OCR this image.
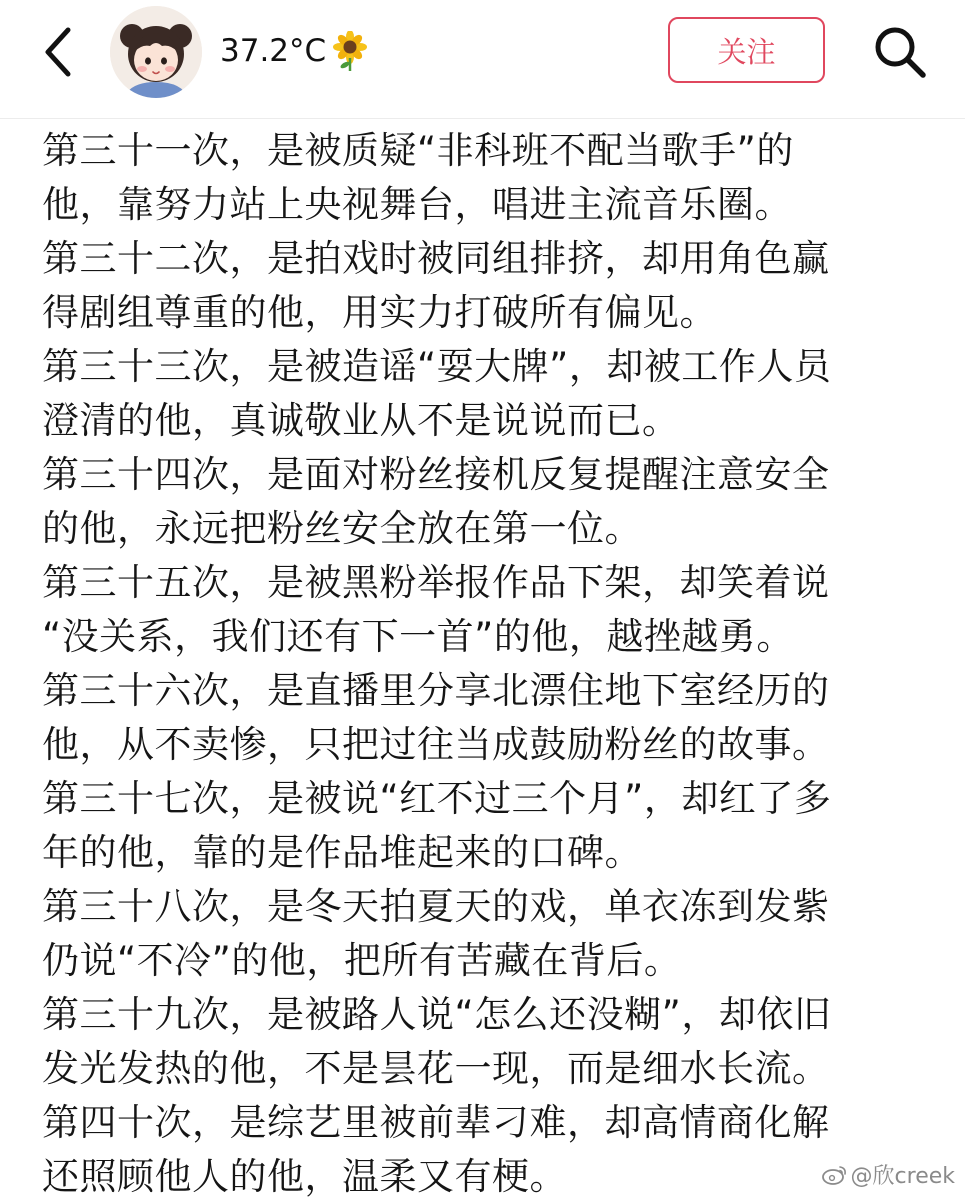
37.2°C	关注
第三十一次，是被质疑“非科班不配当歌手”的
他，靠努力站上央视舞台，唱进主流音乐圈。
第三十二次，是拍戏时被同组排挤，却用角色赢
得剧组尊重的他，用实力打破所有偏见。
第三十三次，是被造谣“耍大牌”，却被工作人员
澄清的他，真诚敬业从不是说说而已。
第三十四次，是面对粉丝接机反复提醒注意安全
的他，永远把粉丝安全放在第一位。
第三十五次，是被黑粉举报作品下架，却笑着说
“没关系，我们还有下一首”的他，越挫越勇。
第三十六次，是直播里分享北漂住地下室经历的
他，从不卖惨，只把过往当成鼓励粉丝的故事。
第三十七次，是被说“红不过三个月”，却红了多
年的他，靠的是作品堆起来的口碑。
第三十八次，是冬天拍夏天的戏，单衣冻到发紫
仍说“不冷”的他，把所有苦藏在背后。
第三十九次，是被路人说“怎么还没糊”，却依旧
发光发热的他，不是昙花一现，而是细水长流。
第四十次，是综艺里被前辈刁难，却高情商化解
还照顾他人的他，温柔又有梗。	@欣creek
